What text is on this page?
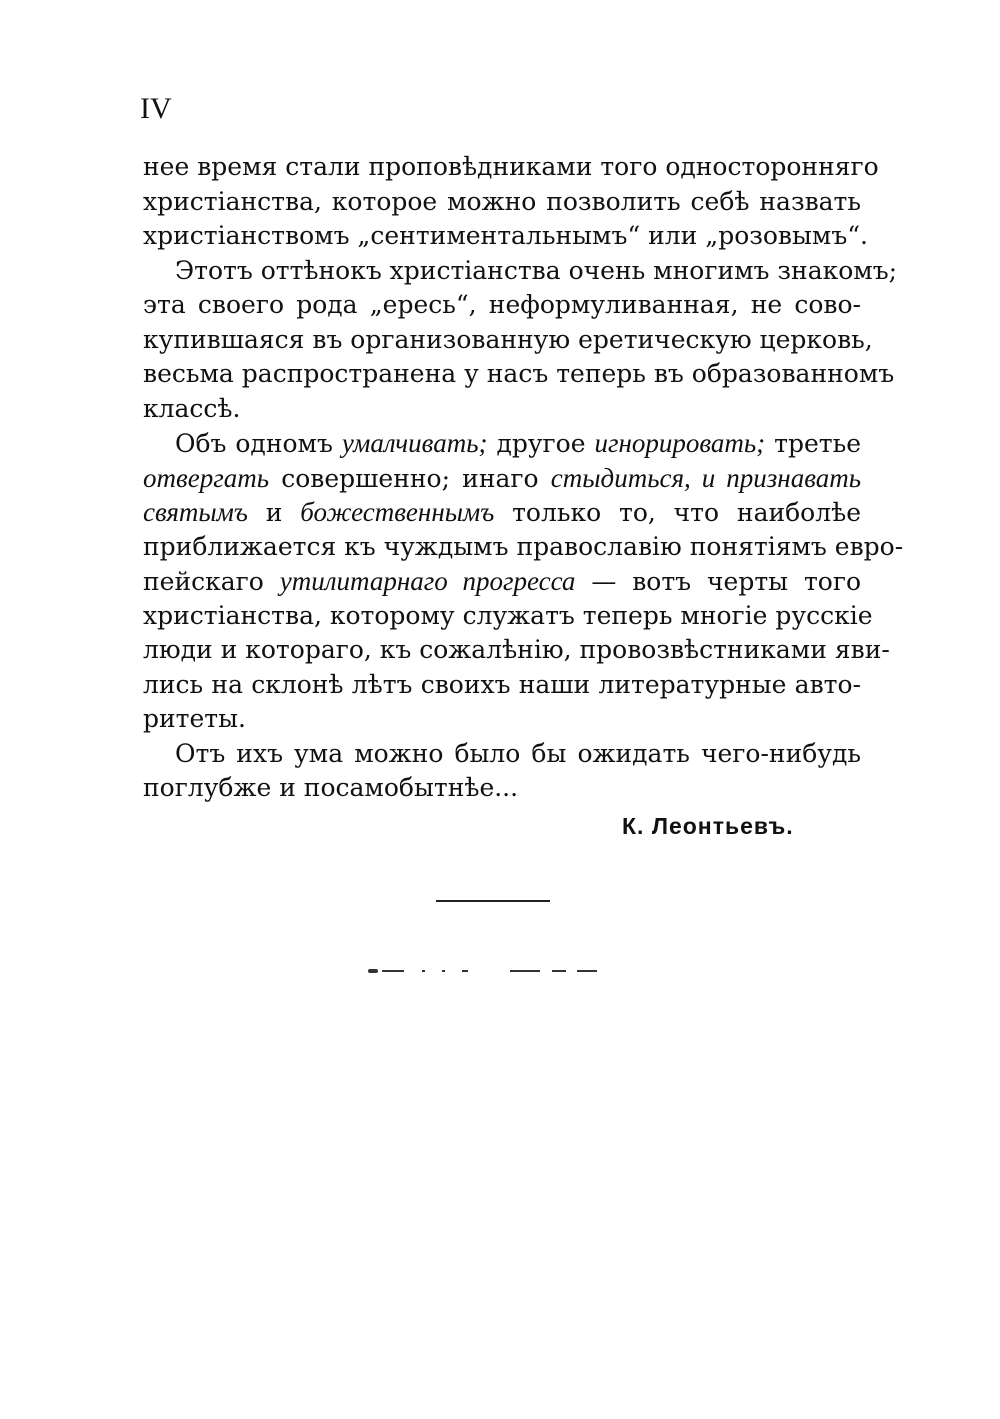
IV
нее время стали проповѣдниками того односторонняго
христіанства, которое можно позволить себѣ назвать
христіанствомъ „сентиментальнымъ“ или „розовымъ“.
Этотъ оттѣнокъ христіанства очень многимъ знакомъ;
эта своего рода „ересь“, неформуливанная, не сово-
купившаяся въ организованную еретическую церковь,
весьма распространена у насъ теперь въ образованномъ
классѣ.
Объ одномъ умалчивать; другое игнорировать; третье
отвергать совершенно; инаго стыдиться, и признавать
святымъ и божественнымъ только то, что наиболѣе
приближается къ чуждымъ православію понятіямъ евро-
пейскаго утилитарнаго прогресса — вотъ черты того
христіанства, которому служатъ теперь многіе русскіе
люди и котораго, къ сожалѣнію, провозвѣстниками яви-
лись на склонѣ лѣтъ своихъ наши литературные авто-
ритеты.
Отъ ихъ ума можно было бы ожидать чего-нибудь
поглубже и посамобытнѣе...
К. Леонтьевъ.
